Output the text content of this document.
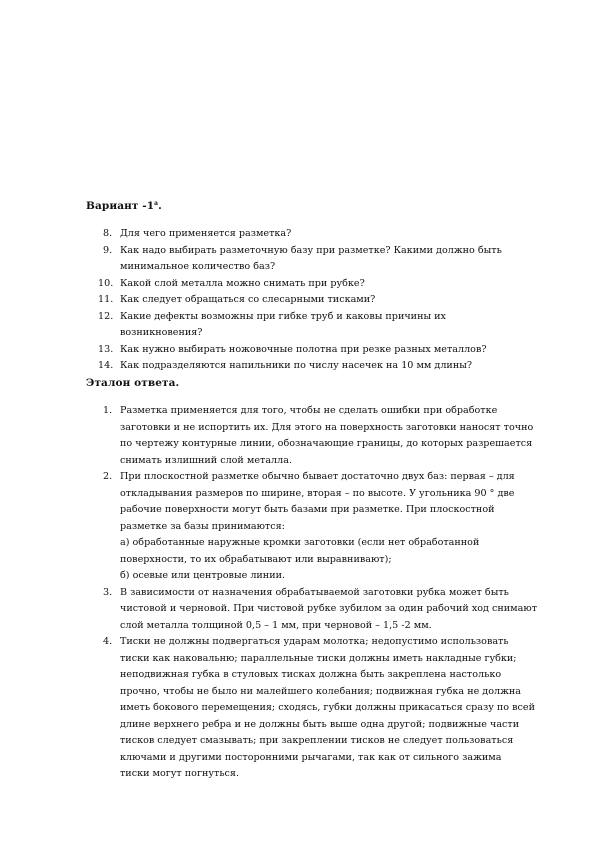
Вариант $-1^а$.
8. Для чего применяется разметка?
9. Как надо выбирать разметочную базу при разметке? Какими должно быть
минимальное количество баз?
10. Какой слой металла можно снимать при рубке?
11. Как следует обращаться со слесарными тисками?
12. Какие дефекты возможны при гибке труб и каковы причины их
возникновения?
13. Как нужно выбирать ножовочные полотна при резке разных металлов?
14. Как подразделяются напильники по числу насечек на 10 мм длины?
Эталон ответа.
1. Разметка применяется для того, чтобы не сделать ошибки при обработке
заготовки и не испортить их. Для этого на поверхность заготовки наносят точно
по чертежу контурные линии, обозначающие границы, до которых разрешается
снимать излишний слой металла.
2. При плоскостной разметке обычно бывает достаточно двух баз: первая – для
откладывания размеров по ширине, вторая – по высоте. У угольника 90 ° две
рабочие поверхности могут быть базами при разметке. При плоскостной
разметке за базы принимаются:
а) обработанные наружные кромки заготовки (если нет обработанной
поверхности, то их обрабатывают или выравнивают);
б) осевые или центровые линии.
3. В зависимости от назначения обрабатываемой заготовки рубка может быть
чистовой и черновой. При чистовой рубке зубилом за один рабочий ход снимают
слой металла толщиной 0,5 – 1 мм, при черновой – 1,5 -2 мм.
4. Тиски не должны подвергаться ударам молотка; недопустимо использовать
тиски как наковальню; параллельные тиски должны иметь накладные губки;
неподвижная губка в стуловых тисках должна быть закреплена настолько
прочно, чтобы не было ни малейшего колебания; подвижная губка не должна
иметь бокового перемещения; сходясь, губки должны прикасаться сразу по всей
длине верхнего ребра и не должны быть выше одна другой; подвижные части
тисков следует смазывать; при закреплении тисков не следует пользоваться
ключами и другими посторонними рычагами, так как от сильного зажима
тиски могут погнуться.
